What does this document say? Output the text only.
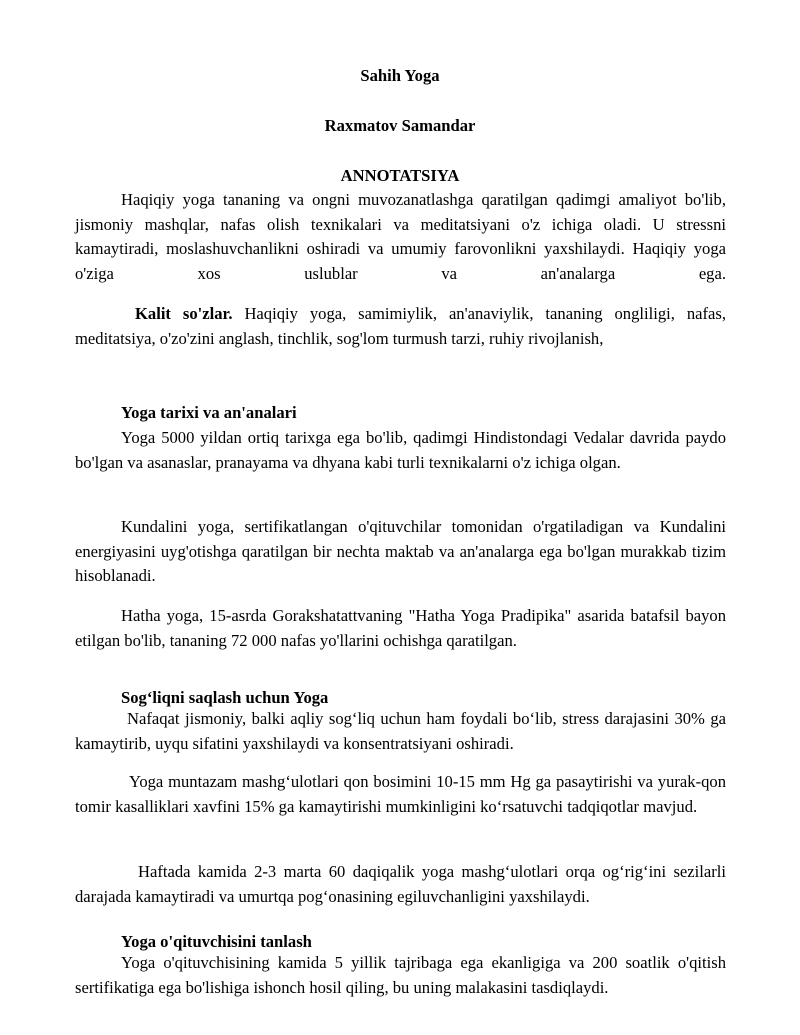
Sahih Yoga
Raxmatov Samandar
ANNOTATSIYA

Haqiqiy yoga tananing va ongni muvozanatlashga qaratilgan qadimgi amaliyot bo'lib, jismoniy mashqlar, nafas olish texnikalari va meditatsiyani o'z ichiga oladi. U stressni kamaytiradi, moslashuvchanlikni oshiradi va umumiy farovonlikni yaxshilaydi. Haqiqiy yoga o'ziga xos uslublar va an'analarga ega.

Kalit so'zlar. Haqiqiy yoga, samimiylik, an'anaviylik, tananing ongliligi, nafas, meditatsiya, o'zo'zini anglash, tinchlik, sog'lom turmush tarzi, ruhiy rivojlanish,

Yoga tarixi va an'analari

Yoga 5000 yildan ortiq tarixga ega bo'lib, qadimgi Hindistondagi Vedalar davrida paydo bo'lgan va asanaslar, pranayama va dhyana kabi turli texnikalarni o'z ichiga olgan.

Kundalini yoga, sertifikatlangan o'qituvchilar tomonidan o'rgatiladigan va Kundalini energiyasini uyg'otishga qaratilgan bir nechta maktab va an'analarga ega bo'lgan murakkab tizim hisoblanadi.

Hatha yoga, 15-asrda Gorakshatattvaning "Hatha Yoga Pradipika" asarida batafsil bayon etilgan bo'lib, tananing 72 000 nafas yo'llarini ochishga qaratilgan.

Sog‘liqni saqlash uchun Yoga

Nafaqat jismoniy, balki aqliy sog‘liq uchun ham foydali bo‘lib, stress darajasini 30% ga kamaytirib, uyqu sifatini yaxshilaydi va konsentratsiyani oshiradi.

Yoga muntazam mashg‘ulotlari qon bosimini 10-15 mm Hg ga pasaytirishi va yurak-qon tomir kasalliklari xavfini 15% ga kamaytirishi mumkinligini ko‘rsatuvchi tadqiqotlar mavjud.

Haftada kamida 2-3 marta 60 daqiqalik yoga mashg‘ulotlari orqa og‘rig‘ini sezilarli darajada kamaytiradi va umurtqa pog‘onasining egiluvchanligini yaxshilaydi.

Yoga o'qituvchisini tanlash

Yoga o'qituvchisining kamida 5 yillik tajribaga ega ekanligiga va 200 soatlik o'qitish sertifikatiga ega bo'lishiga ishonch hosil qiling, bu uning malakasini tasdiqlaydi.
